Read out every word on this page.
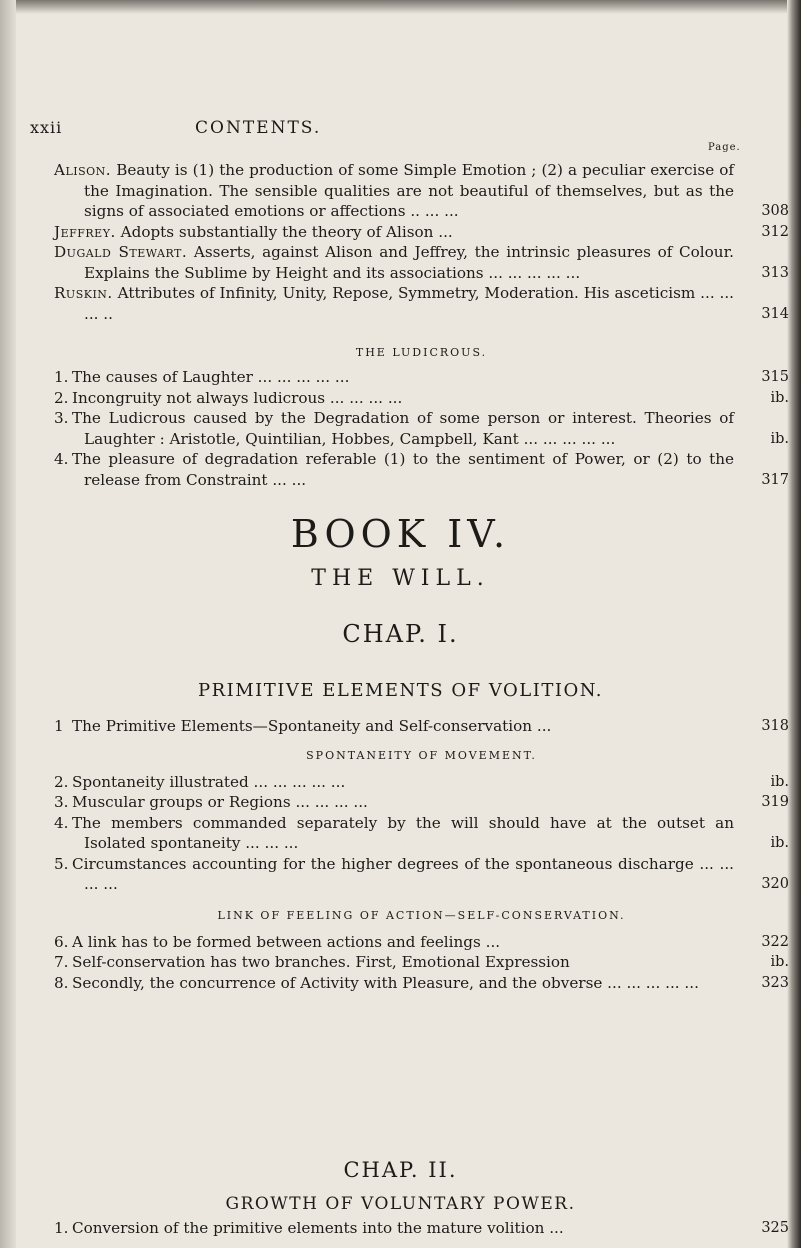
xxii	CONTENTS.
Page.
Alison. Beauty is (1) the production of some Simple Emotion ; (2) a peculiar exercise of the Imagination. The sensible qualities are not beautiful of themselves, but as the signs of associated emotions or affections .. ... ...	308
Jeffrey. Adopts substantially the theory of Alison ...	312
Dugald Stewart. Asserts, against Alison and Jeffrey, the intrinsic pleasures of Colour. Explains the Sublime by Height and its associations ... ... ... ... ...	313
Ruskin. Attributes of Infinity, Unity, Repose, Symmetry, Moderation. His asceticism ... ... ... ..	314
THE LUDICROUS.
1. The causes of Laughter ... ... ... ... ...	315
2. Incongruity not always ludicrous ... ... ... ...	ib.
3. The Ludicrous caused by the Degradation of some person or interest. Theories of Laughter : Aristotle, Quintilian, Hobbes, Campbell, Kant ... ... ... ... ...	ib.
4. The pleasure of degradation referable (1) to the sentiment of Power, or (2) to the release from Constraint ... ...	317
BOOK IV.
THE WILL.
CHAP. I.
PRIMITIVE ELEMENTS OF VOLITION.
1 The Primitive Elements—Spontaneity and Self-conservation ...	318
SPONTANEITY OF MOVEMENT.
2. Spontaneity illustrated ... ... ... ... ...	ib.
3. Muscular groups or Regions ... ... ... ...	319
4. The members commanded separately by the will should have at the outset an Isolated spontaneity ... ... ...	ib.
5. Circumstances accounting for the higher degrees of the spontaneous discharge ... ... ... ...	320
LINK OF FEELING OF ACTION—SELF-CONSERVATION.
6. A link has to be formed between actions and feelings ...	322
7. Self-conservation has two branches. First, Emotional Expression	ib.
8. Secondly, the concurrence of Activity with Pleasure, and the obverse ... ... ... ... ...	323
CHAP. II.
GROWTH OF VOLUNTARY POWER.
1. Conversion of the primitive elements into the mature volition ...	325
